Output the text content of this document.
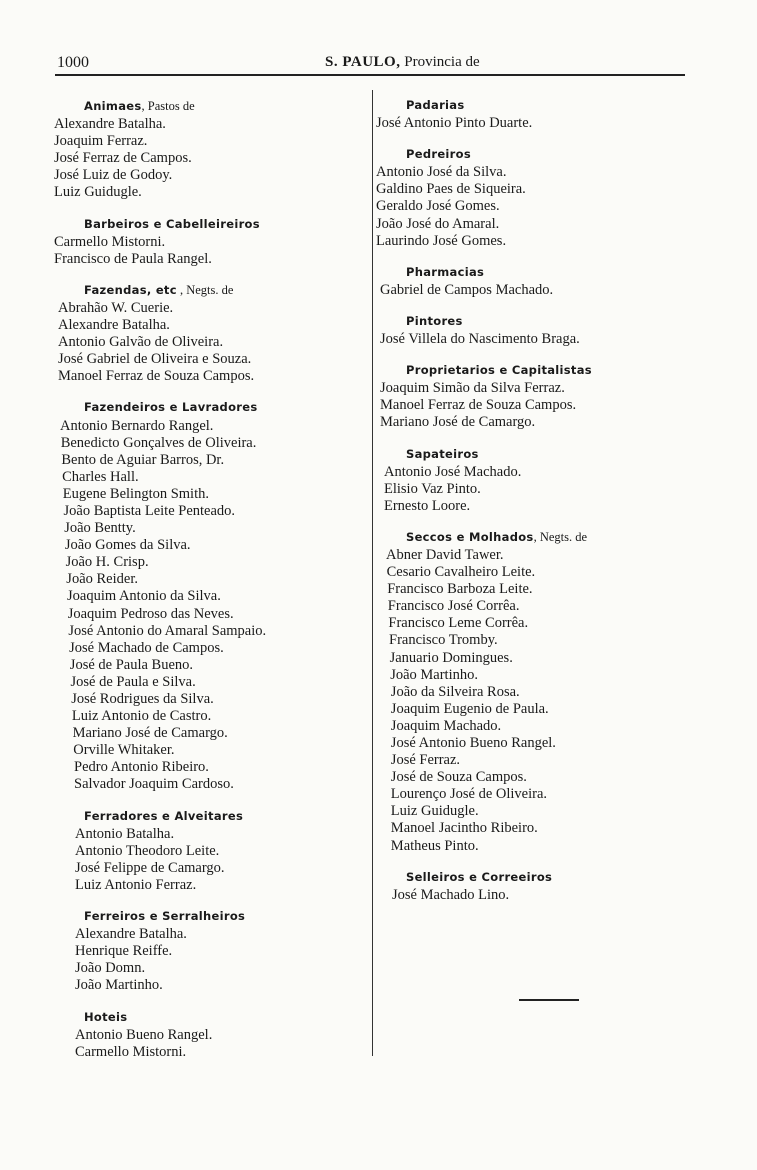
1000	S. PAULO, Provincia de
Animaes, Pastos de
Alexandre Batalha.
Joaquim Ferraz.
José Ferraz de Campos.
José Luiz de Godoy.
Luiz Guidugle.
Barbeiros e Cabelleireiros
Carmello Mistorni.
Francisco de Paula Rangel.
Fazendas, etc , Negts. de
Abrahão W. Cuerie.
Alexandre Batalha.
Antonio Galvão de Oliveira.
José Gabriel de Oliveira e Souza.
Manoel Ferraz de Souza Campos.
Fazendeiros e Lavradores
Antonio Bernardo Rangel.
Benedicto Gonçalves de Oliveira.
Bento de Aguiar Barros, Dr.
Charles Hall.
Eugene Belington Smith.
João Baptista Leite Penteado.
João Bentty.
João Gomes da Silva.
João H. Crisp.
João Reider.
Joaquim Antonio da Silva.
Joaquim Pedroso das Neves.
José Antonio do Amaral Sampaio.
José Machado de Campos.
José de Paula Bueno.
José de Paula e Silva.
José Rodrigues da Silva.
Luiz Antonio de Castro.
Mariano José de Camargo.
Orville Whitaker.
Pedro Antonio Ribeiro.
Salvador Joaquim Cardoso.
Ferradores e Alveitares
Antonio Batalha.
Antonio Theodoro Leite.
José Felippe de Camargo.
Luiz Antonio Ferraz.
Ferreiros e Serralheiros
Alexandre Batalha.
Henrique Reiffe.
João Domn.
João Martinho.
Hoteis
Antonio Bueno Rangel.
Carmello Mistorni.
Padarias
José Antonio Pinto Duarte.
Pedreiros
Antonio José da Silva.
Galdino Paes de Siqueira.
Geraldo José Gomes.
João José do Amaral.
Laurindo José Gomes.
Pharmacias
Gabriel de Campos Machado.
Pintores
José Villela do Nascimento Braga.
Proprietarios e Capitalistas
Joaquim Simão da Silva Ferraz.
Manoel Ferraz de Souza Campos.
Mariano José de Camargo.
Sapateiros
Antonio José Machado.
Elisio Vaz Pinto.
Ernesto Loore.
Seccos e Molhados, Negts. de
Abner David Tawer.
Cesario Cavalheiro Leite.
Francisco Barboza Leite.
Francisco José Corrêa.
Francisco Leme Corrêa.
Francisco Tromby.
Januario Domingues.
João Martinho.
João da Silveira Rosa.
Joaquim Eugenio de Paula.
Joaquim Machado.
José Antonio Bueno Rangel.
José Ferraz.
José de Souza Campos.
Lourenço José de Oliveira.
Luiz Guidugle.
Manoel Jacintho Ribeiro.
Matheus Pinto.
Selleiros e Correeiros
José Machado Lino.
